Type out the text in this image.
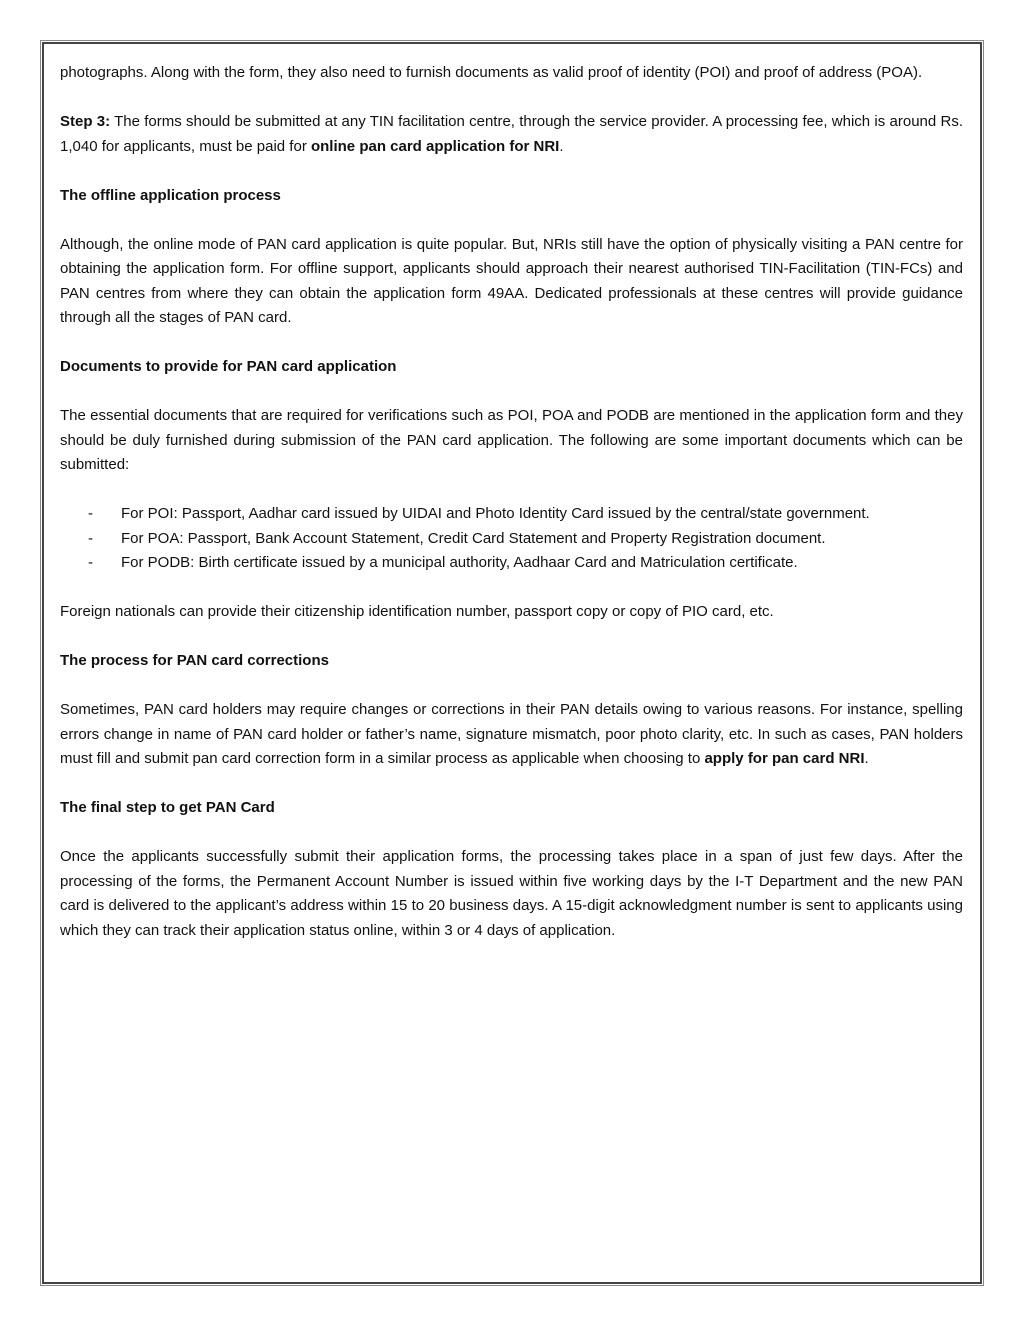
photographs. Along with the form, they also need to furnish documents as valid proof of identity (POI) and proof of address (POA).

Step 3: The forms should be submitted at any TIN facilitation centre, through the service provider. A processing fee, which is around Rs. 1,040 for applicants, must be paid for online pan card application for NRI.

The offline application process

Although, the online mode of PAN card application is quite popular. But, NRIs still have the option of physically visiting a PAN centre for obtaining the application form. For offline support, applicants should approach their nearest authorised TIN-Facilitation (TIN-FCs) and PAN centres from where they can obtain the application form 49AA. Dedicated professionals at these centres will provide guidance through all the stages of PAN card.

Documents to provide for PAN card application

The essential documents that are required for verifications such as POI, POA and PODB are mentioned in the application form and they should be duly furnished during submission of the PAN card application. The following are some important documents which can be submitted:

- For POI: Passport, Aadhar card issued by UIDAI and Photo Identity Card issued by the central/state government.
- For POA: Passport, Bank Account Statement, Credit Card Statement and Property Registration document.
- For PODB: Birth certificate issued by a municipal authority, Aadhaar Card and Matriculation certificate.

Foreign nationals can provide their citizenship identification number, passport copy or copy of PIO card, etc.

The process for PAN card corrections

Sometimes, PAN card holders may require changes or corrections in their PAN details owing to various reasons. For instance, spelling errors change in name of PAN card holder or father’s name, signature mismatch, poor photo clarity, etc. In such as cases, PAN holders must fill and submit pan card correction form in a similar process as applicable when choosing to apply for pan card NRI.

The final step to get PAN Card

Once the applicants successfully submit their application forms, the processing takes place in a span of just few days. After the processing of the forms, the Permanent Account Number is issued within five working days by the I-T Department and the new PAN card is delivered to the applicant’s address within 15 to 20 business days. A 15-digit acknowledgment number is sent to applicants using which they can track their application status online, within 3 or 4 days of application.
